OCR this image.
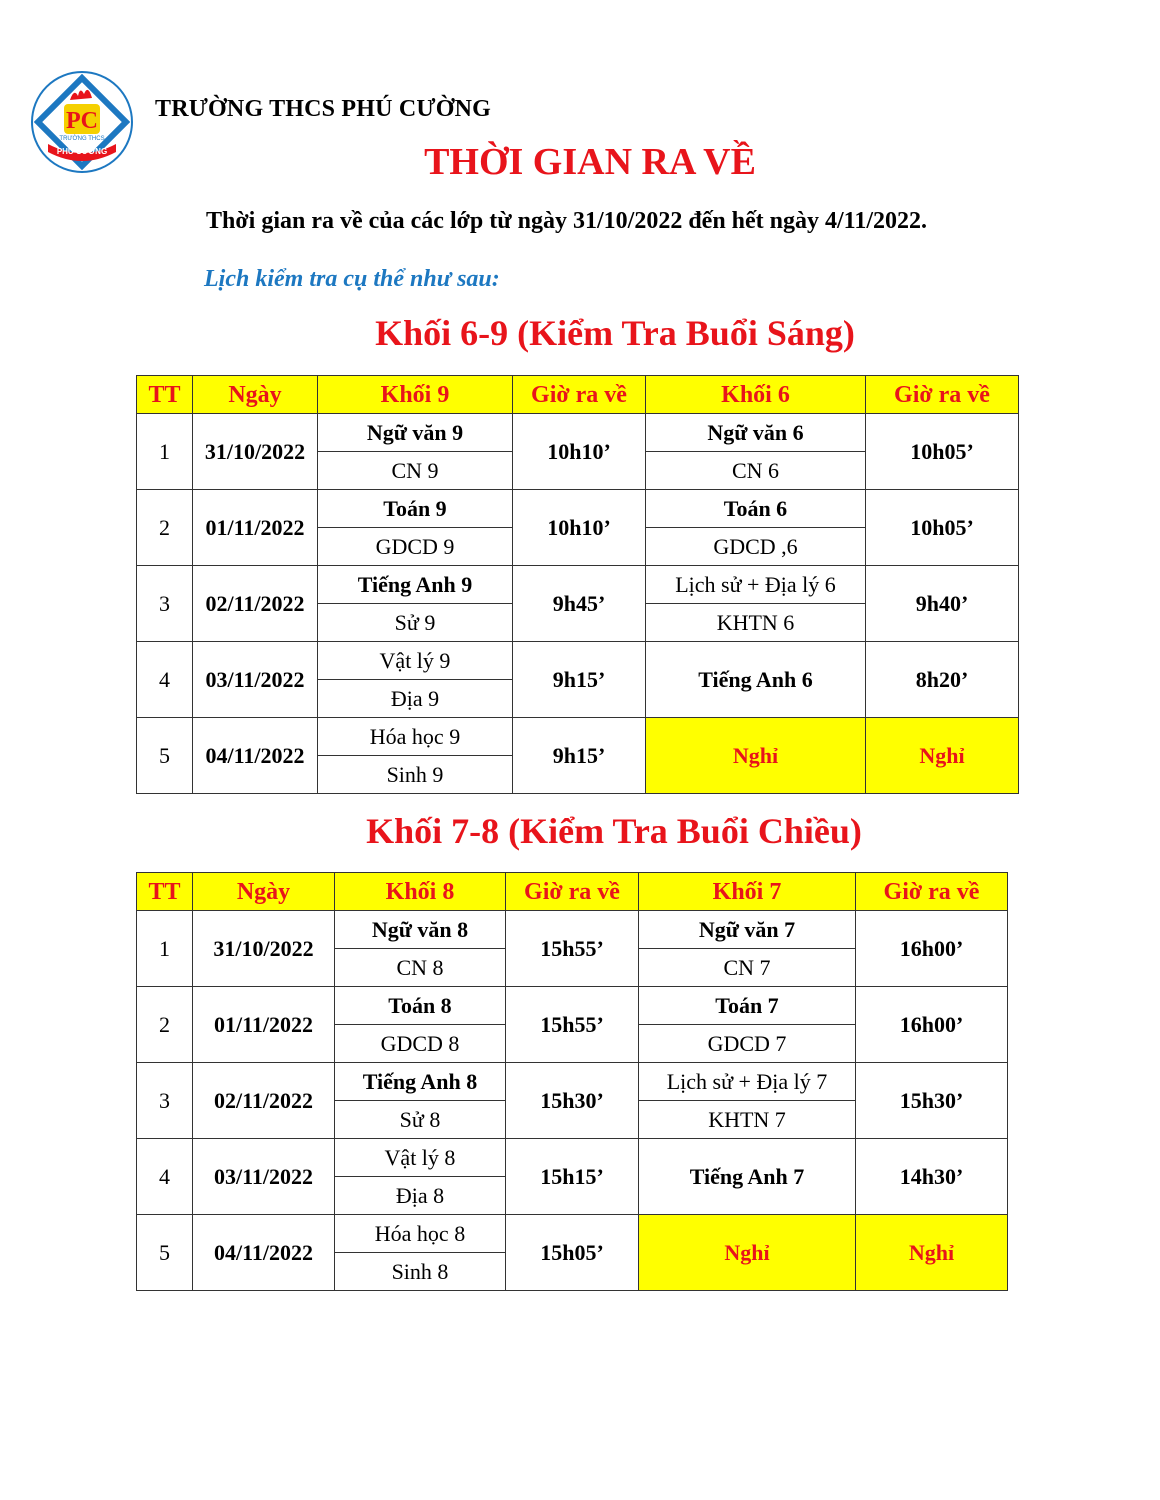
PC
TRƯỜNG THCS
PHÚ CƯỜNG
TRƯỜNG THCS PHÚ CƯỜNG
THỜI GIAN RA VỀ
Thời gian ra về của các lớp từ ngày 31/10/2022 đến hết ngày 4/11/2022.
Lịch kiểm tra cụ thể như sau:
Khối 6-9 (Kiểm Tra Buổi Sáng)
TT	Ngày	Khối 9	Giờ ra về	Khối 6	Giờ ra về
1	31/10/2022	Ngữ văn 9	10h10’	Ngữ văn 6	10h05’
		CN 9		CN 6	
2	01/11/2022	Toán 9	10h10’	Toán 6	10h05’
		GDCD 9		GDCD ,6	
3	02/11/2022	Tiếng Anh 9	9h45’	Lịch sử + Địa lý 6	9h40’
		Sử 9		KHTN 6	
4	03/11/2022	Vật lý 9	9h15’	Tiếng Anh 6	8h20’
		Địa 9			
5	04/11/2022	Hóa học 9	9h15’	Nghỉ	Nghỉ
		Sinh 9			
Khối 7-8 (Kiểm Tra Buổi Chiều)
TT	Ngày	Khối 8	Giờ ra về	Khối 7	Giờ ra về
1	31/10/2022	Ngữ văn 8	15h55’	Ngữ văn 7	16h00’
		CN 8		CN 7	
2	01/11/2022	Toán 8	15h55’	Toán 7	16h00’
		GDCD 8		GDCD 7	
3	02/11/2022	Tiếng Anh 8	15h30’	Lịch sử + Địa lý 7	15h30’
		Sử 8		KHTN 7	
4	03/11/2022	Vật lý 8	15h15’	Tiếng Anh 7	14h30’
		Địa 8			
5	04/11/2022	Hóa học 8	15h05’	Nghỉ	Nghỉ
		Sinh 8			
